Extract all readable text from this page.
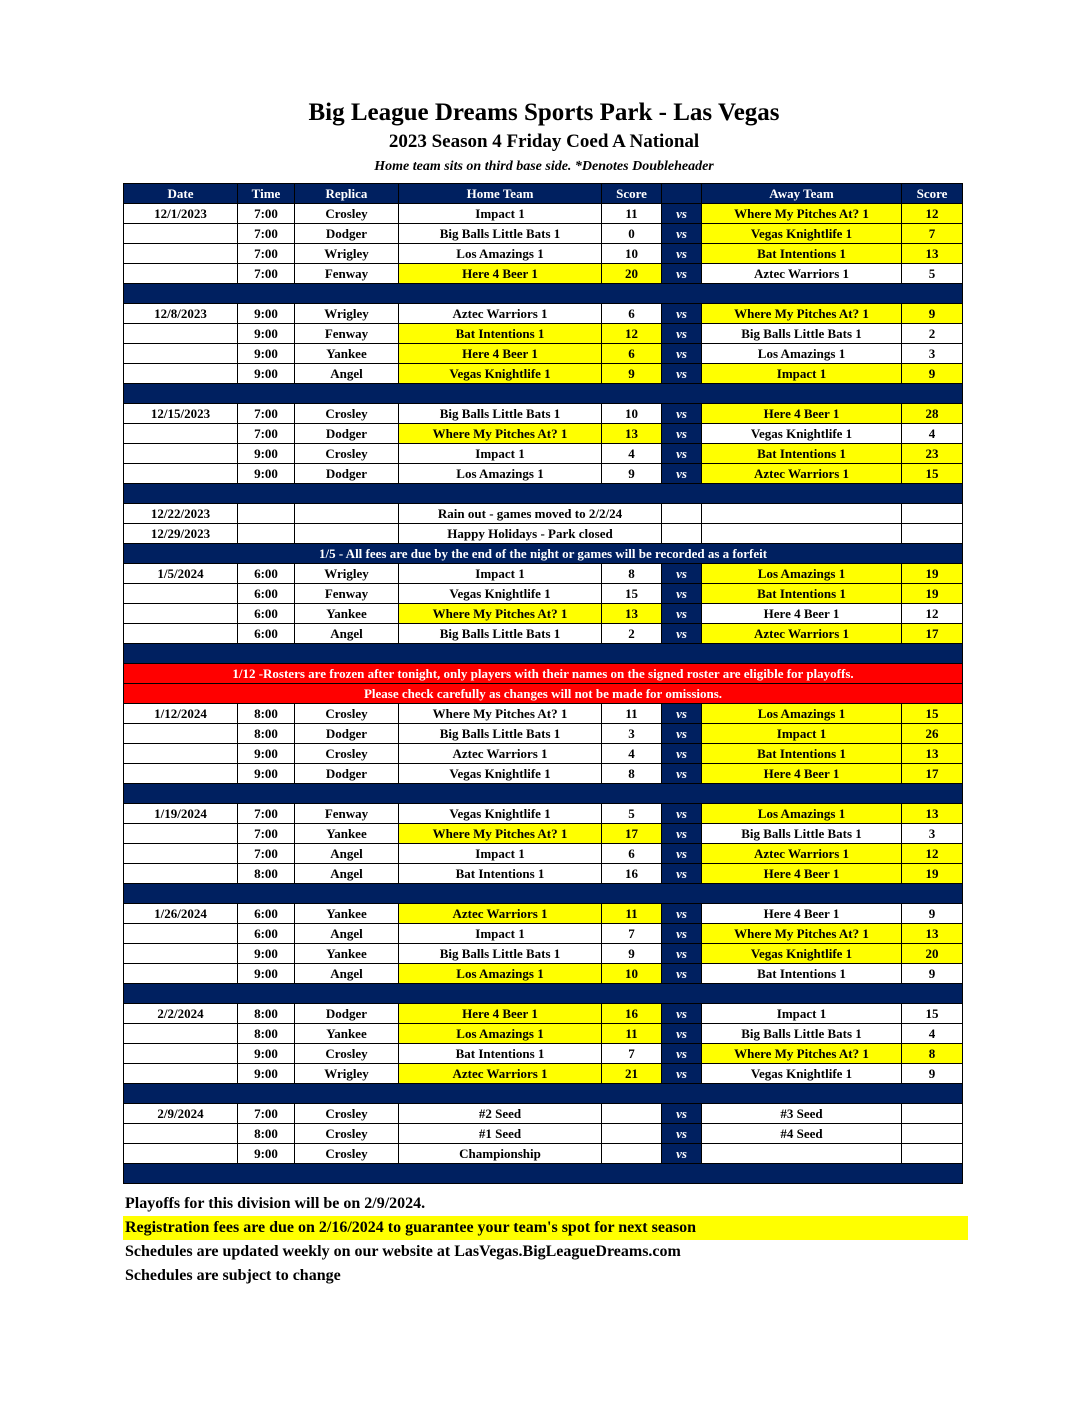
Big League Dreams Sports Park - Las Vegas
2023 Season 4 Friday Coed A National
Home team sits on third base side. *Denotes Doubleheader
Date	Time	Replica	Home Team	Score		Away Team	Score
12/1/2023	7:00	Crosley	Impact 1	11	vs	Where My Pitches At? 1	12
	7:00	Dodger	Big Balls Little Bats 1	0	vs	Vegas Knightlife 1	7
	7:00	Wrigley	Los Amazings 1	10	vs	Bat Intentions 1	13
	7:00	Fenway	Here 4 Beer 1	20	vs	Aztec Warriors 1	5

12/8/2023	9:00	Wrigley	Aztec Warriors 1	6	vs	Where My Pitches At? 1	9
	9:00	Fenway	Bat Intentions 1	12	vs	Big Balls Little Bats 1	2
	9:00	Yankee	Here 4 Beer 1	6	vs	Los Amazings 1	3
	9:00	Angel	Vegas Knightlife 1	9	vs	Impact 1	9

12/15/2023	7:00	Crosley	Big Balls Little Bats 1	10	vs	Here 4 Beer 1	28
	7:00	Dodger	Where My Pitches At? 1	13	vs	Vegas Knightlife 1	4
	9:00	Crosley	Impact 1	4	vs	Bat Intentions 1	23
	9:00	Dodger	Los Amazings 1	9	vs	Aztec Warriors 1	15

12/22/2023			Rain out - games moved to 2/2/24				
12/29/2023			Happy Holidays - Park closed				
1/5 - All fees are due by the end of the night or games will be recorded as a forfeit							
1/5/2024	6:00	Wrigley	Impact 1	8	vs	Los Amazings 1	19
	6:00	Fenway	Vegas Knightlife 1	15	vs	Bat Intentions 1	19
	6:00	Yankee	Where My Pitches At? 1	13	vs	Here 4 Beer 1	12
	6:00	Angel	Big Balls Little Bats 1	2	vs	Aztec Warriors 1	17

1/12 -Rosters are frozen after tonight, only players with their names on the signed roster are eligible for playoffs.							
Please check carefully as changes will not be made for omissions.							
1/12/2024	8:00	Crosley	Where My Pitches At? 1	11	vs	Los Amazings 1	15
	8:00	Dodger	Big Balls Little Bats 1	3	vs	Impact 1	26
	9:00	Crosley	Aztec Warriors 1	4	vs	Bat Intentions 1	13
	9:00	Dodger	Vegas Knightlife 1	8	vs	Here 4 Beer 1	17

1/19/2024	7:00	Fenway	Vegas Knightlife 1	5	vs	Los Amazings 1	13
	7:00	Yankee	Where My Pitches At? 1	17	vs	Big Balls Little Bats 1	3
	7:00	Angel	Impact 1	6	vs	Aztec Warriors 1	12
	8:00	Angel	Bat Intentions 1	16	vs	Here 4 Beer 1	19

1/26/2024	6:00	Yankee	Aztec Warriors 1	11	vs	Here 4 Beer 1	9
	6:00	Angel	Impact 1	7	vs	Where My Pitches At? 1	13
	9:00	Yankee	Big Balls Little Bats 1	9	vs	Vegas Knightlife 1	20
	9:00	Angel	Los Amazings 1	10	vs	Bat Intentions 1	9

2/2/2024	8:00	Dodger	Here 4 Beer 1	16	vs	Impact 1	15
	8:00	Yankee	Los Amazings 1	11	vs	Big Balls Little Bats 1	4
	9:00	Crosley	Bat Intentions 1	7	vs	Where My Pitches At? 1	8
	9:00	Wrigley	Aztec Warriors 1	21	vs	Vegas Knightlife 1	9

2/9/2024	7:00	Crosley	#2 Seed		vs	#3 Seed	
	8:00	Crosley	#1 Seed		vs	#4 Seed	
	9:00	Crosley	Championship		vs		

Playoffs for this division will be on 2/9/2024.
Registration fees are due on 2/16/2024 to guarantee your team's spot for next season
Schedules are updated weekly on our website at LasVegas.BigLeagueDreams.com
Schedules are subject to change
